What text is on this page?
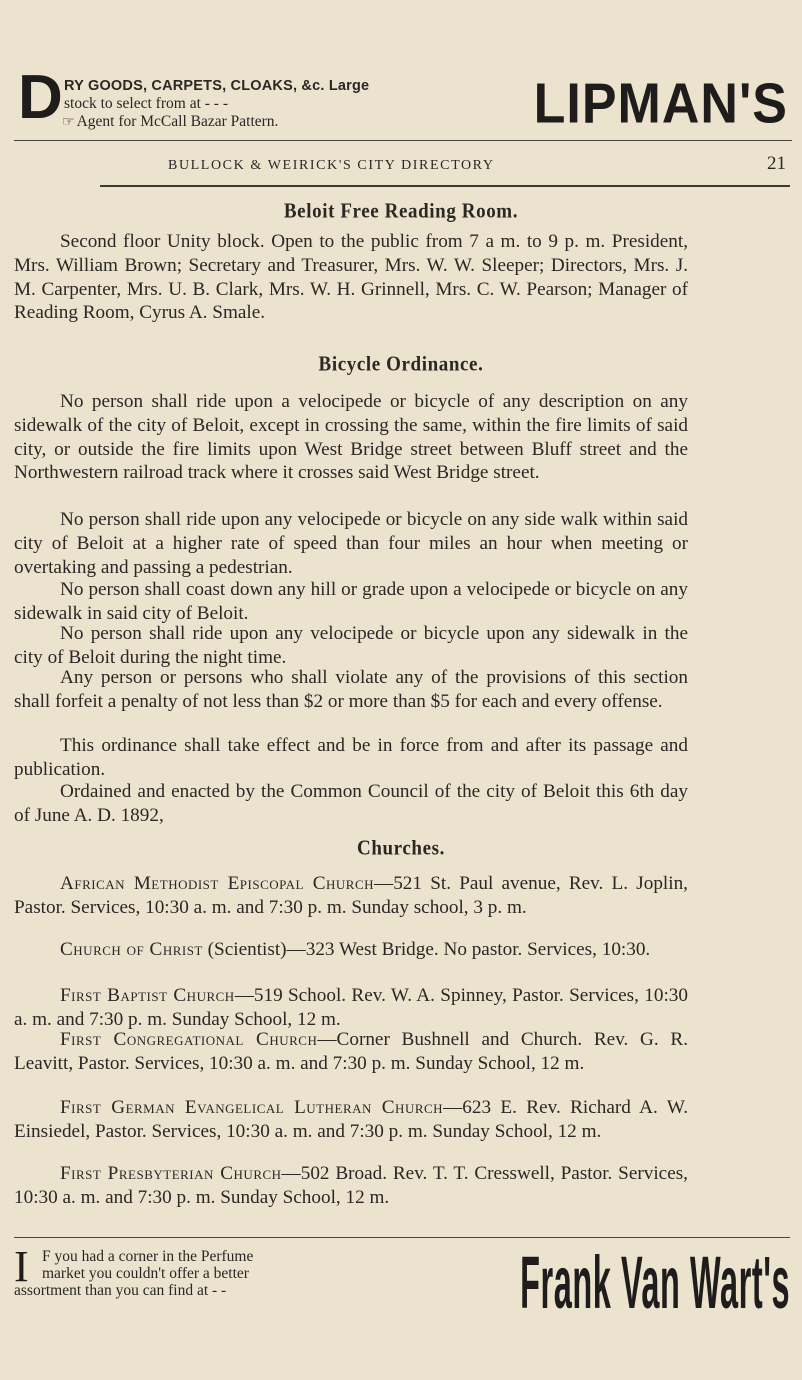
D RY GOODS, CARPETS, CLOAKS, &c. Large
stock to select from at - - -
☞ Agent for McCall Bazar Pattern.	LIPMAN'S
BULLOCK & WEIRICK'S CITY DIRECTORY	21
Beloit Free Reading Room.

Second floor Unity block. Open to the public from 7 a m. to 9 p. m. President, Mrs. William Brown; Secretary and Treasurer, Mrs. W. W. Sleeper; Directors, Mrs. J. M. Carpenter, Mrs. U. B. Clark, Mrs. W. H. Grinnell, Mrs. C. W. Pearson; Manager of Reading Room, Cyrus A. Smale.

Bicycle Ordinance.

No person shall ride upon a velocipede or bicycle of any description on any sidewalk of the city of Beloit, except in crossing the same, within the fire limits of said city, or outside the fire limits upon West Bridge street between Bluff street and the Northwestern railroad track where it crosses said West Bridge street.

No person shall ride upon any velocipede or bicycle on any side walk within said city of Beloit at a higher rate of speed than four miles an hour when meeting or overtaking and passing a pedestrian.

No person shall coast down any hill or grade upon a velocipede or bicycle on any sidewalk in said city of Beloit.

No person shall ride upon any velocipede or bicycle upon any sidewalk in the city of Beloit during the night time.

Any person or persons who shall violate any of the provisions of this section shall forfeit a penalty of not less than $2 or more than $5 for each and every offense.

This ordinance shall take effect and be in force from and after its passage and publication.

Ordained and enacted by the Common Council of the city of Beloit this 6th day of June A. D. 1892,

Churches.

African Methodist Episcopal Church—521 St. Paul avenue, Rev. L. Joplin, Pastor. Services, 10:30 a. m. and 7:30 p. m. Sunday school, 3 p. m.

Church of Christ (Scientist)—323 West Bridge. No pastor. Services, 10:30.

First Baptist Church—519 School. Rev. W. A. Spinney, Pastor. Services, 10:30 a. m. and 7:30 p. m. Sunday School, 12 m.

First Congregational Church—Corner Bushnell and Church. Rev. G. R. Leavitt, Pastor. Services, 10:30 a. m. and 7:30 p. m. Sunday School, 12 m.

First German Evangelical Lutheran Church—623 E. Rev. Richard A. W. Einsiedel, Pastor. Services, 10:30 a. m. and 7:30 p. m. Sunday School, 12 m.

First Presbyterian Church—502 Broad. Rev. T. T. Cresswell, Pastor. Services, 10:30 a. m. and 7:30 p. m. Sunday School, 12 m.

I F you had a corner in the Perfume
market you couldn't offer a better
assortment than you can find at - -	Frank Van Wart's
